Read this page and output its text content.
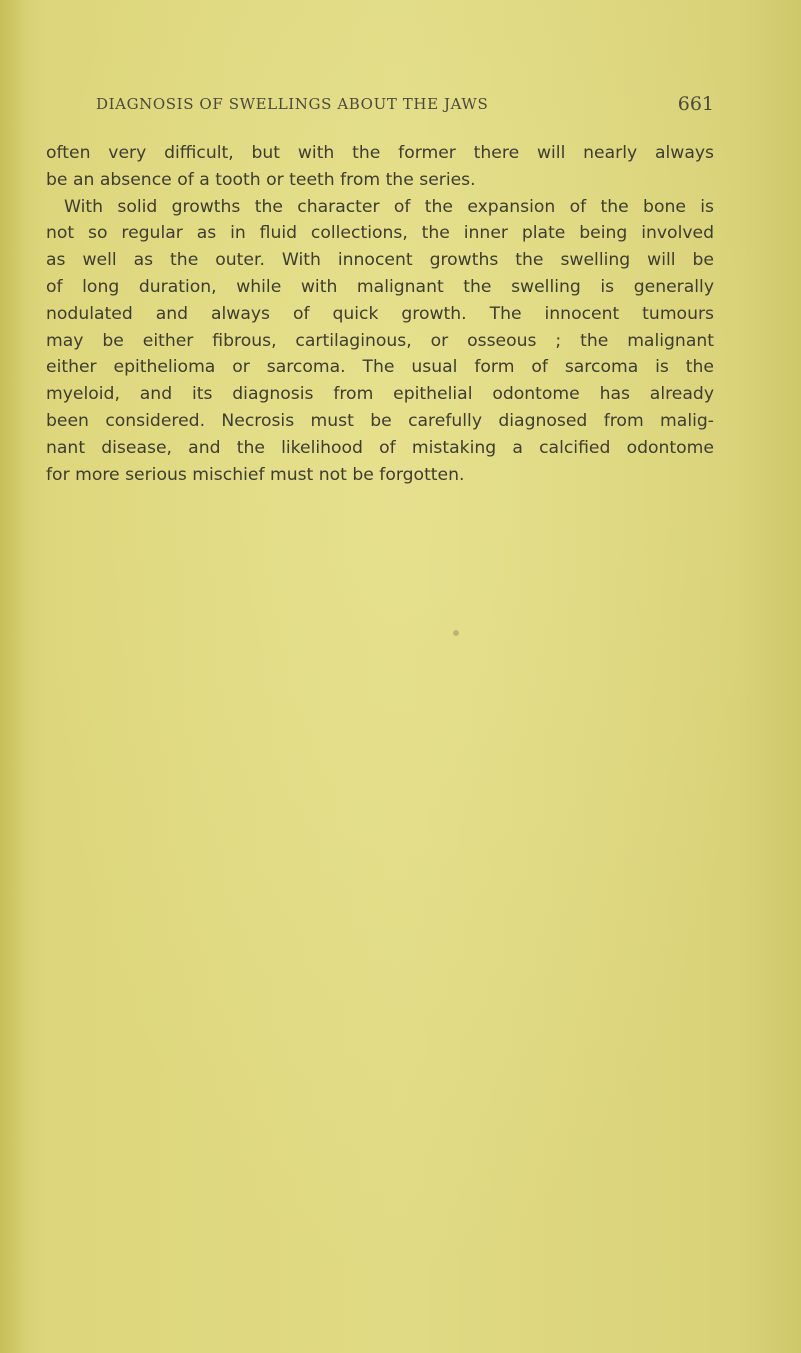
DIAGNOSIS OF SWELLINGS ABOUT THE JAWS	661
often very difficult, but with the former there will nearly always
be an absence of a tooth or teeth from the series.
With solid growths the character of the expansion of the bone is
not so regular as in fluid collections, the inner plate being involved
as well as the outer. With innocent growths the swelling will be
of long duration, while with malignant the swelling is generally
nodulated and always of quick growth. The innocent tumours
may be either fibrous, cartilaginous, or osseous ; the malignant
either epithelioma or sarcoma. The usual form of sarcoma is the
myeloid, and its diagnosis from epithelial odontome has already
been considered. Necrosis must be carefully diagnosed from malig-
nant disease, and the likelihood of mistaking a calcified odontome
for more serious mischief must not be forgotten.
